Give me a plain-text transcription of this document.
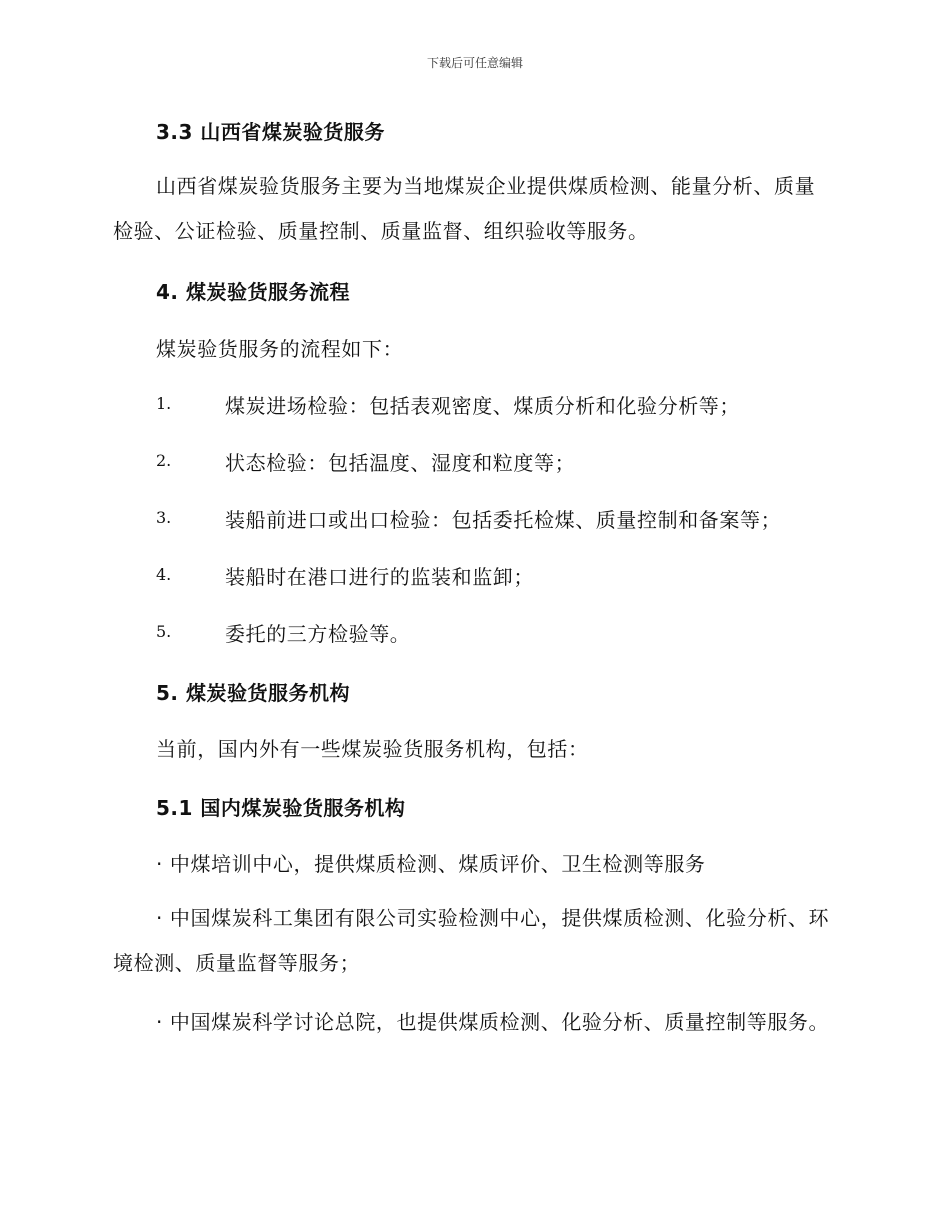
下载后可任意编辑
3.3 山西省煤炭验货服务
山西省煤炭验货服务主要为当地煤炭企业提供煤质检测、能量分析、质量检验、公证检验、质量控制、质量监督、组织验收等服务。
4. 煤炭验货服务流程
煤炭验货服务的流程如下：
1.	煤炭进场检验：包括表观密度、煤质分析和化验分析等；
2.	状态检验：包括温度、湿度和粒度等；
3.	装船前进口或出口检验：包括委托检煤、质量控制和备案等；
4.	装船时在港口进行的监装和监卸；
5.	委托的三方检验等。
5. 煤炭验货服务机构
当前，国内外有一些煤炭验货服务机构，包括：
5.1 国内煤炭验货服务机构
· 中煤培训中心，提供煤质检测、煤质评价、卫生检测等服务
· 中国煤炭科工集团有限公司实验检测中心，提供煤质检测、化验分析、环境检测、质量监督等服务；
· 中国煤炭科学讨论总院，也提供煤质检测、化验分析、质量控制等服务。
